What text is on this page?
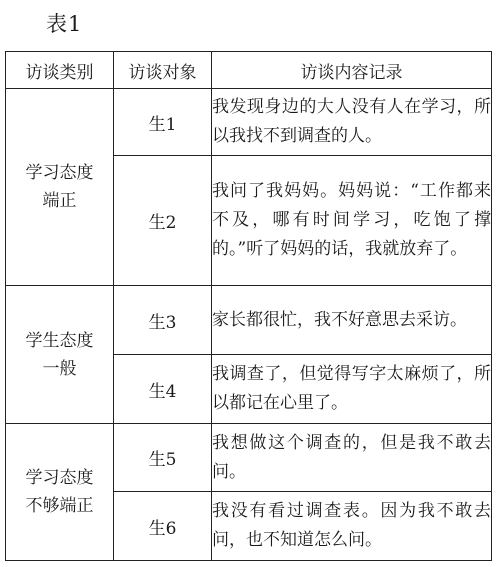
表1
访谈类别	访谈对象	访谈内容记录

学习态度端正	生1	我发现身边的大人没有人在学习，所以我找不到调查的人。
	生2	我问了我妈妈。妈妈说：“工作都来不及，哪有时间学习，吃饱了撑的。”听了妈妈的话，我就放弃了。

学生态度一般	生3	家长都很忙，我不好意思去采访。
	生4	我调查了，但觉得写字太麻烦了，所以都记在心里了。

学习态度不够端正	生5	我想做这个调查的，但是我不敢去问。
	生6	我没有看过调查表。因为我不敢去问，也不知道怎么问。
